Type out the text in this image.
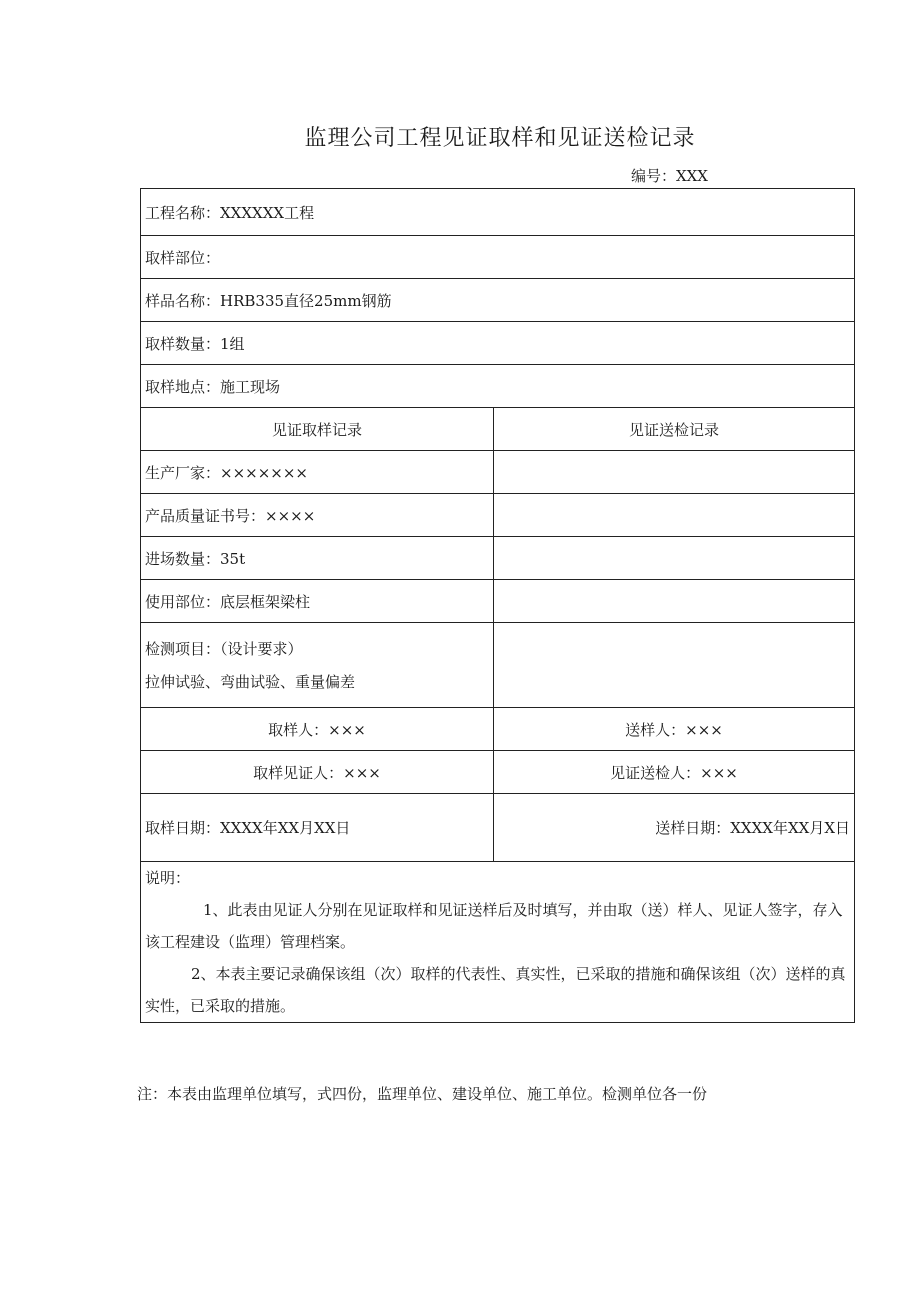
监理公司工程见证取样和见证送检记录
编号：XXX
工程名称：XXXXXX工程	
取样部位：	
样品名称：HRB335直径25mm钢筋	
取样数量：1组	
取样地点：施工现场	
见证取样记录	见证送检记录
生产厂家：×××××××	
产品质量证书号：××××	
进场数量：35t	
使用部位：底层框架梁柱	

检测项目：（设计要求）
拉伸试验、弯曲试验、重量偏差	

取样人：×××	送样人：×××
取样见证人：×××	见证送检人：×××
取样日期：XXXX年XX月XX日	送样日期：XXXX年XX月X日

说明：
1、此表由见证人分别在见证取样和见证送样后及时填写，并由取（送）样人、见证人签字，存入该工程建设（监理）管理档案。
2、本表主要记录确保该组（次）取样的代表性、真实性，已采取的措施和确保该组（次）送样的真实性，已采取的措施。	
注：本表由监理单位填写，式四份，监理单位、建设单位、施工单位。检测单位各一份
